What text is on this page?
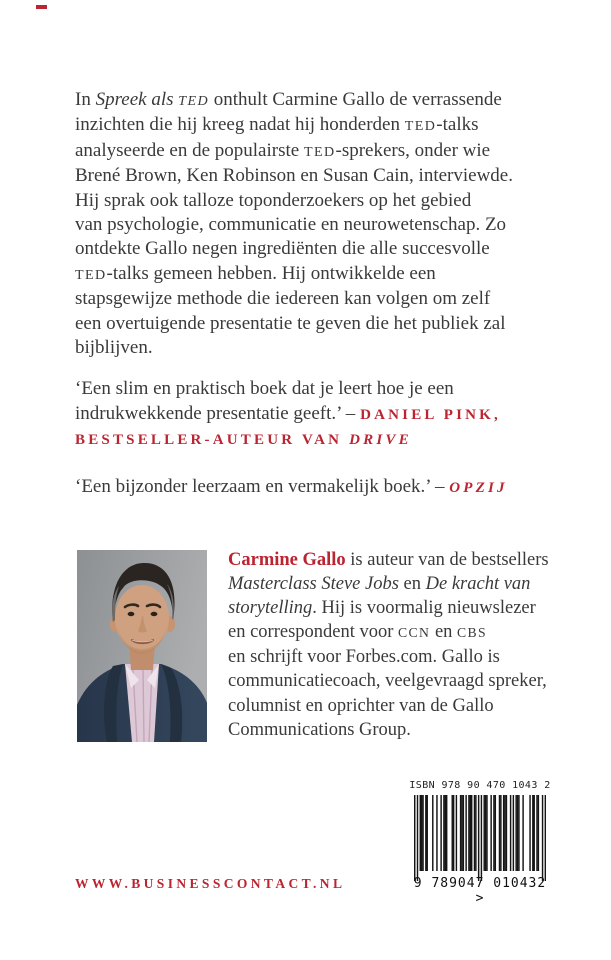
In Spreek als TED onthult Carmine Gallo de verrassende
inzichten die hij kreeg nadat hij honderden TED-talks
analyseerde en de populairste TED-sprekers, onder wie
Brené Brown, Ken Robinson en Susan Cain, interviewde.
Hij sprak ook talloze toponderzoekers op het gebied
van psychologie, communicatie en neurowetenschap. Zo
ontdekte Gallo negen ingrediënten die alle succesvolle
TED-talks gemeen hebben. Hij ontwikkelde een
stapsgewijze methode die iedereen kan volgen om zelf
een overtuigende presentatie te geven die het publiek zal
bijblijven.
‘Een slim en praktisch boek dat je leert hoe je een
indrukwekkende presentatie geeft.’ – DANIEL PINK,
BESTSELLER-AUTEUR VAN DRIVE
‘Een bijzonder leerzaam en vermakelijk boek.’ – OPZIJ
Carmine Gallo is auteur van de bestsellers
Masterclass Steve Jobs en De kracht van
storytelling. Hij is voormalig nieuwslezer
en correspondent voor CCN en CBS
en schrijft voor Forbes.com. Gallo is
communicatiecoach, veelgevraagd spreker,
columnist en oprichter van de Gallo
Communications Group.
WWW.BUSINESSCONTACT.NL
ISBN 978 90 470 1043 2
9 789047 010432 >
